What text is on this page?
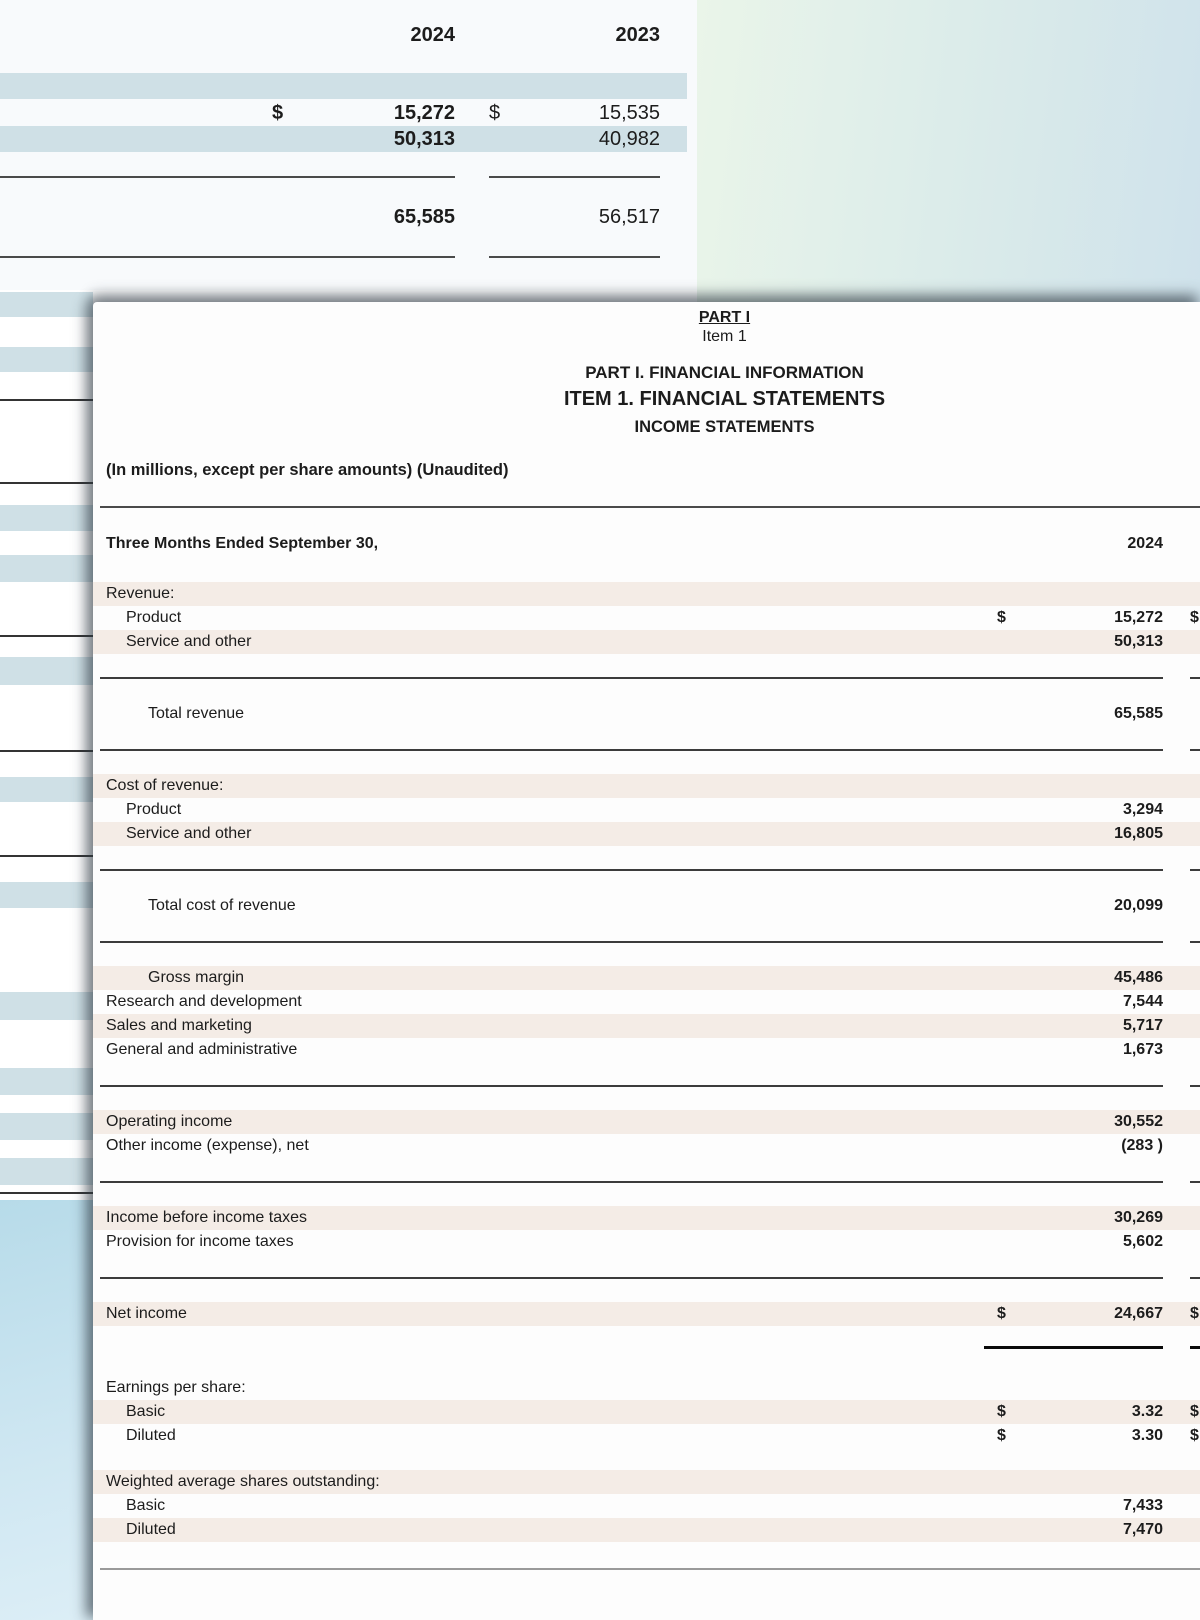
2024	2023
$	15,272 $	15,535
50,313	40,982
65,585	56,517
PART I
Item 1
PART I. FINANCIAL INFORMATION
ITEM 1. FINANCIAL STATEMENTS
INCOME STATEMENTS
(In millions, except per share amounts) (Unaudited)
Three Months Ended September 30,	2024
Revenue:
Product	$	15,272 $
Service and other	50,313
Total revenue	65,585
Cost of revenue:
Product	3,294
Service and other	16,805
Total cost of revenue	20,099
Gross margin	45,486
Research and development	7,544
Sales and marketing	5,717
General and administrative	1,673
Operating income	30,552
Other income (expense), net	(283 )
Income before income taxes	30,269
Provision for income taxes	5,602
Net income	$	24,667 $
Earnings per share:
Basic	$	3.32 $
Diluted	$	3.30 $
Weighted average shares outstanding:
Basic	7,433
Diluted	7,470
